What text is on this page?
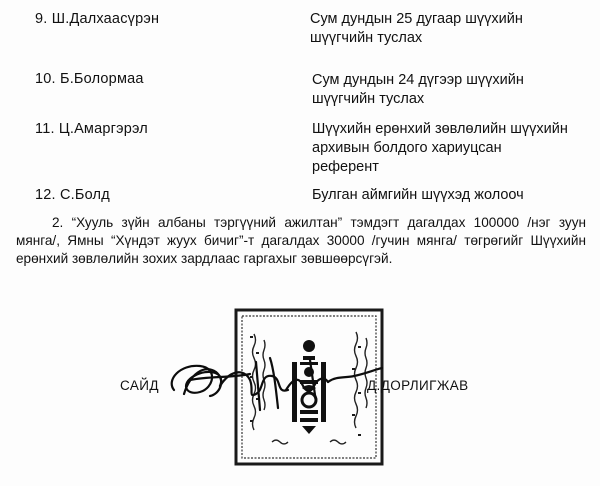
9. Ш.Далхаасүрэн	Сум дундын 25 дугаар шүүхийн
шүүгчийн туслах
10. Б.Болормаа	Сум дундын 24 дүгээр шүүхийн
шүүгчийн туслах
11. Ц.Амаргэрэл	Шүүхийн ерөнхий зөвлөлийн шүүхийн
архивын болдого хариуцсан
референт
12. С.Болд	Булган аймгийн шүүхэд жолооч
2. “Хууль зүйн албаны тэргүүний ажилтан” тэмдэгт дагалдах 100000 /нэг зуун мянга/, Ямны “Хүндэт жуух бичиг”-т дагалдах 30000 /гучин мянга/ төгрөгийг Шүүхийн ерөнхий зөвлөлийн зохих зардлаас гаргахыг зөвшөөрсүгэй.
САЙД	Д.ДОРЛИГЖАВ
